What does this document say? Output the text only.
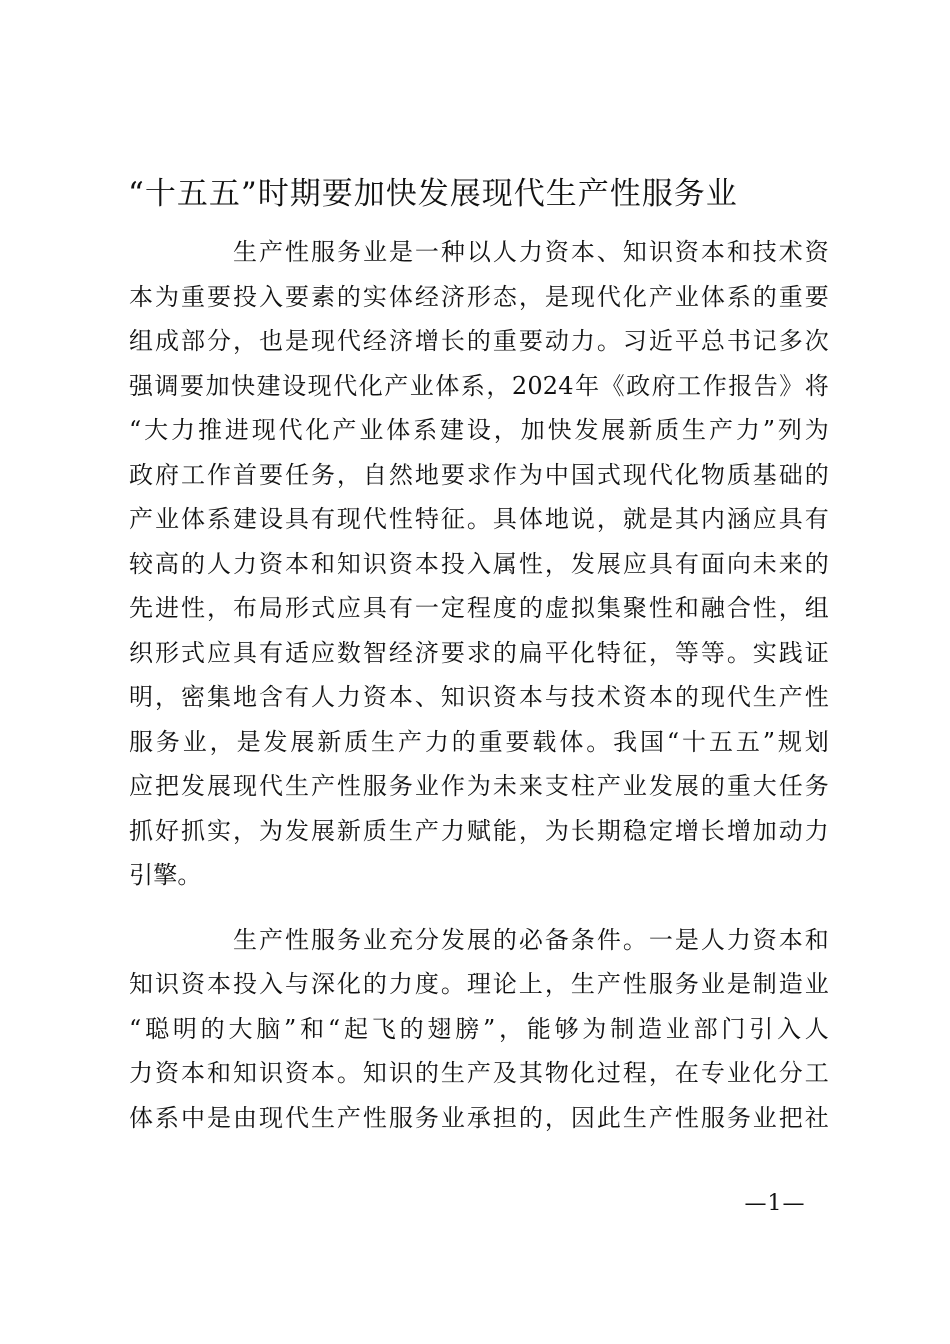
“十五五”时期要加快发展现代生产性服务业
生产性服务业是一种以人力资本、知识资本和技术资
本为重要投入要素的实体经济形态，是现代化产业体系的重要
组成部分，也是现代经济增长的重要动力。习近平总书记多次
强调要加快建设现代化产业体系，2024年《政府工作报告》将
“大力推进现代化产业体系建设，加快发展新质生产力”列为
政府工作首要任务，自然地要求作为中国式现代化物质基础的
产业体系建设具有现代性特征。具体地说，就是其内涵应具有
较高的人力资本和知识资本投入属性，发展应具有面向未来的
先进性，布局形式应具有一定程度的虚拟集聚性和融合性，组
织形式应具有适应数智经济要求的扁平化特征，等等。实践证
明，密集地含有人力资本、知识资本与技术资本的现代生产性
服务业，是发展新质生产力的重要载体。我国“十五五”规划
应把发展现代生产性服务业作为未来支柱产业发展的重大任务
抓好抓实，为发展新质生产力赋能，为长期稳定增长增加动力
引擎。
生产性服务业充分发展的必备条件。一是人力资本和
知识资本投入与深化的力度。理论上，生产性服务业是制造业
“聪明的大脑”和“起飞的翅膀”，能够为制造业部门引入人
力资本和知识资本。知识的生产及其物化过程，在专业化分工
体系中是由现代生产性服务业承担的，因此生产性服务业把社
—1—
